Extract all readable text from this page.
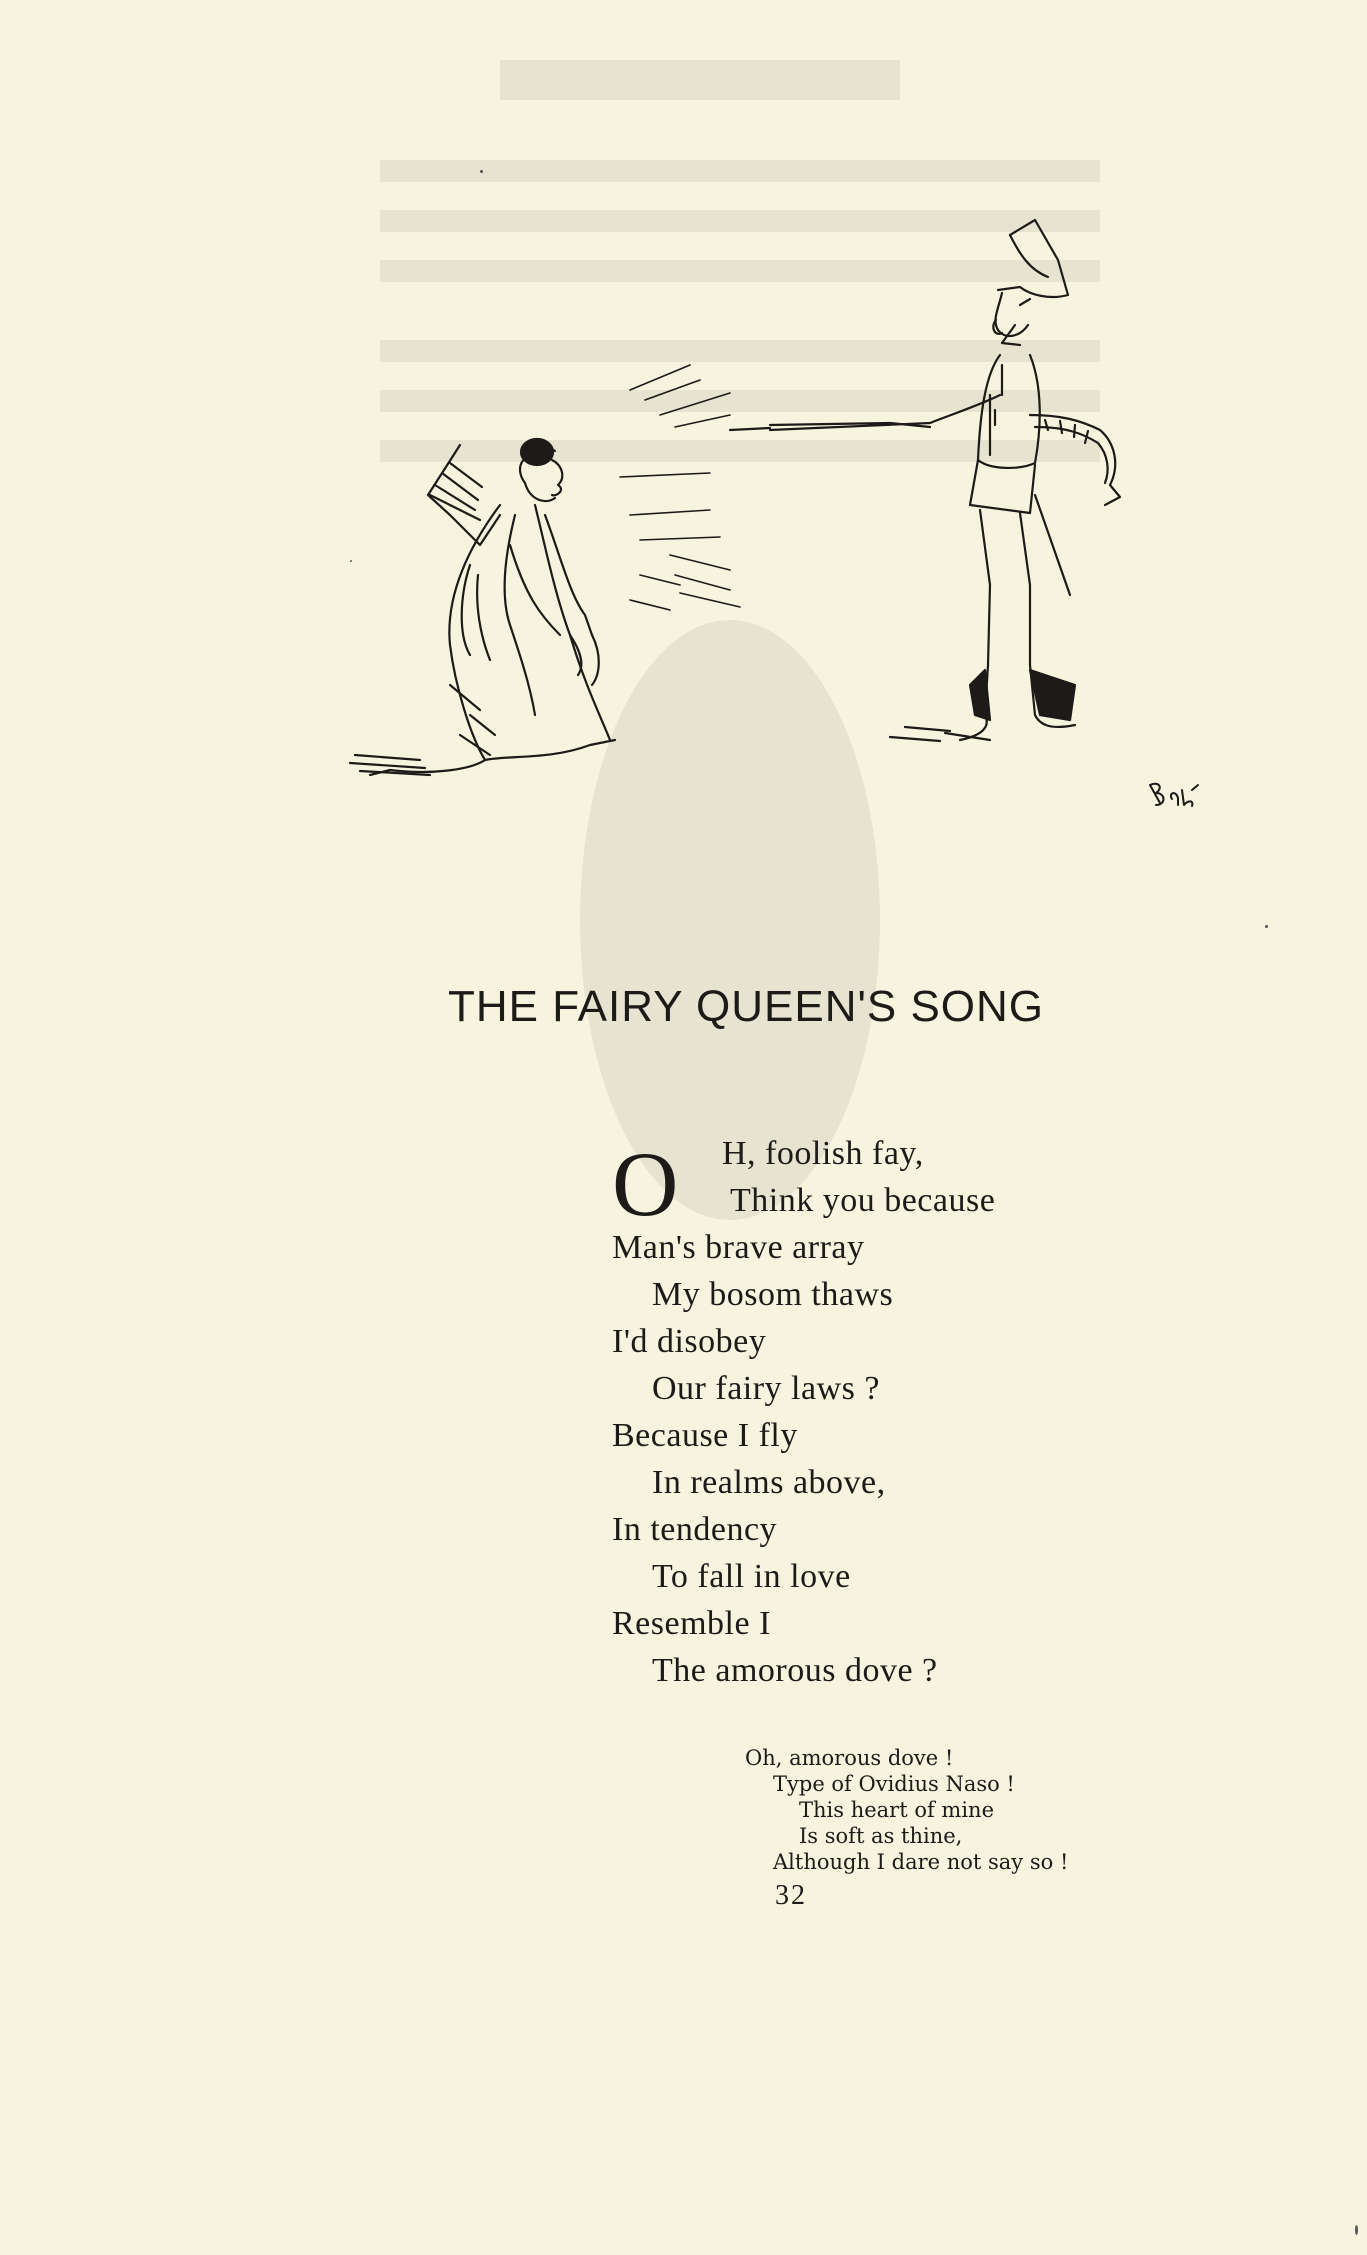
THE FAIRY QUEEN'S SONG
O H, foolish fay,
Think you because
Man's brave array
My bosom thaws
I'd disobey
Our fairy laws ?
Because I fly
In realms above,
In tendency
To fall in love
Resemble I
The amorous dove ?
Oh, amorous dove !
Type of Ovidius Naso !
This heart of mine
Is soft as thine,
Although I dare not say so !
32
